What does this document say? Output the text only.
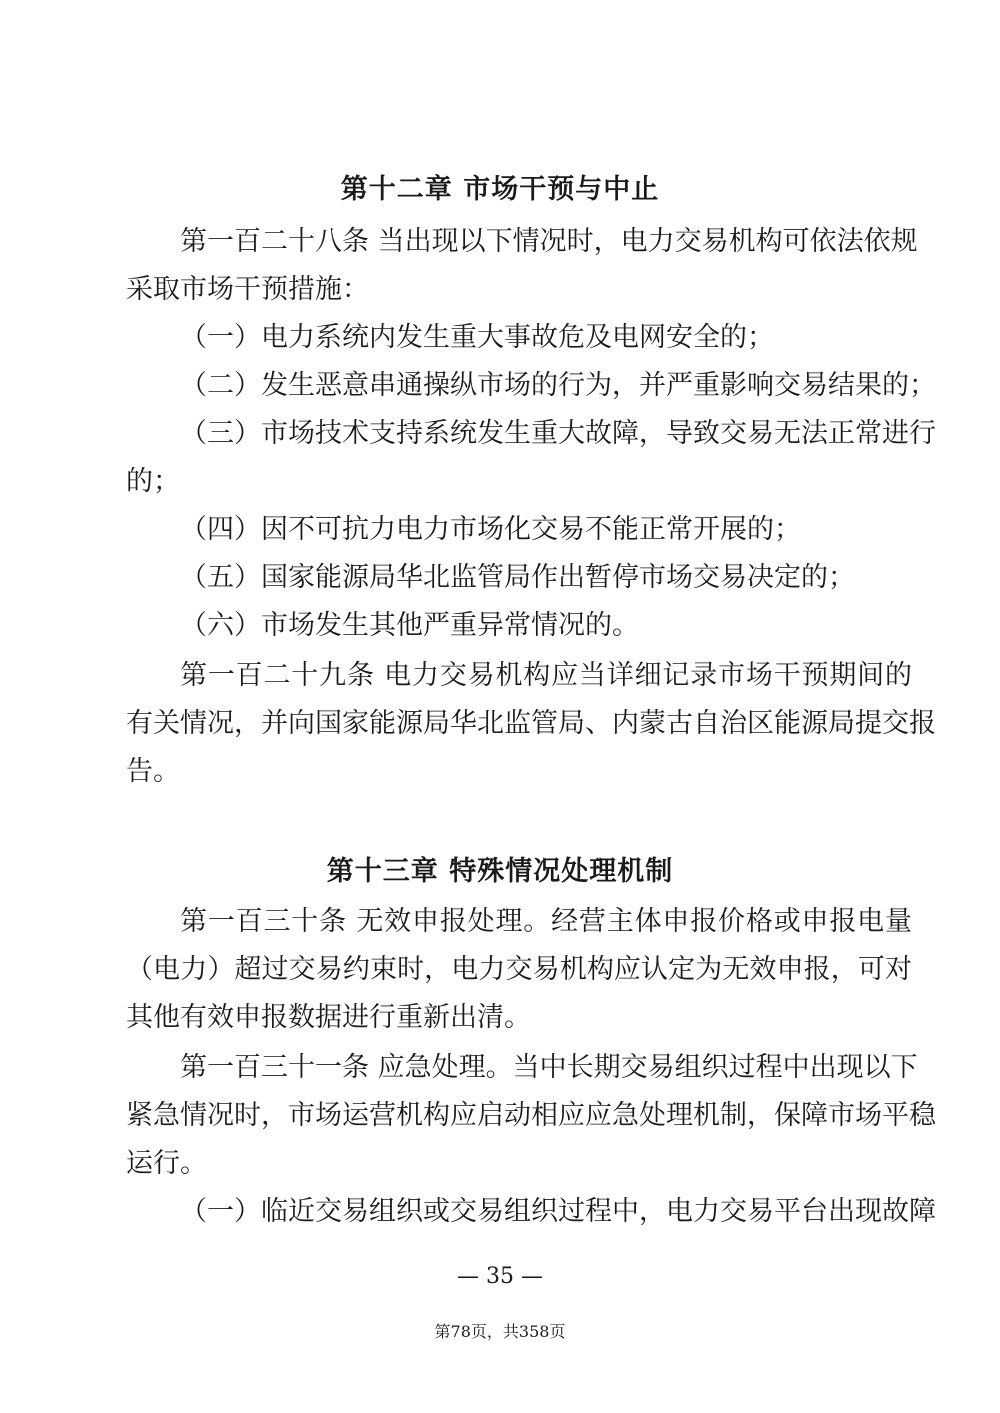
第十二章 市场干预与中止
第一百二十八条 当出现以下情况时，电力交易机构可依法依规
采取市场干预措施：
（一）电力系统内发生重大事故危及电网安全的；
（二）发生恶意串通操纵市场的行为，并严重影响交易结果的；
（三）市场技术支持系统发生重大故障，导致交易无法正常进行
的；
（四）因不可抗力电力市场化交易不能正常开展的；
（五）国家能源局华北监管局作出暂停市场交易决定的；
（六）市场发生其他严重异常情况的。
第一百二十九条 电力交易机构应当详细记录市场干预期间的
有关情况，并向国家能源局华北监管局、内蒙古自治区能源局提交报
告。
第十三章 特殊情况处理机制
第一百三十条 无效申报处理。经营主体申报价格或申报电量
（电力）超过交易约束时，电力交易机构应认定为无效申报，可对
其他有效申报数据进行重新出清。
第一百三十一条 应急处理。当中长期交易组织过程中出现以下
紧急情况时，市场运营机构应启动相应应急处理机制，保障市场平稳
运行。
（一）临近交易组织或交易组织过程中，电力交易平台出现故障
— 35 —
第78页，共358页
